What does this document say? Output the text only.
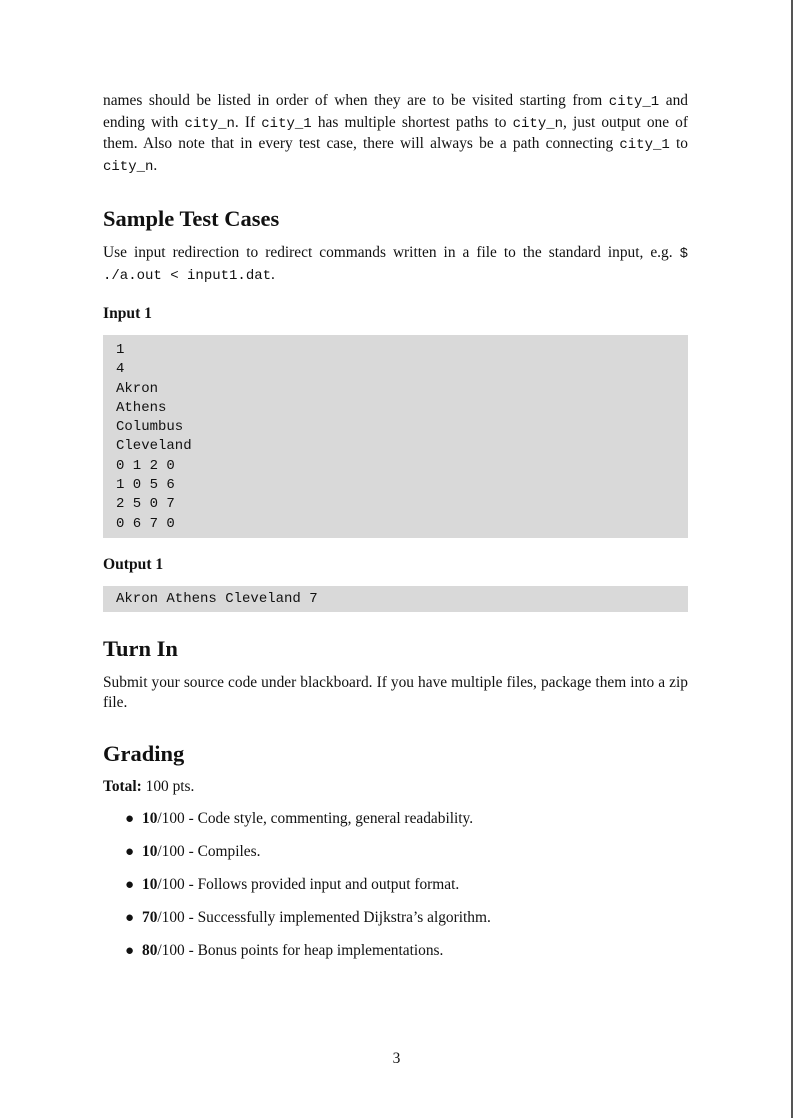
names should be listed in order of when they are to be visited starting from city_1 and ending with city_n. If city_1 has multiple shortest paths to city_n, just output one of them. Also note that in every test case, there will always be a path connecting city_1 to city_n.

Sample Test Cases

Use input redirection to redirect commands written in a file to the standard input, e.g. $ ./a.out < input1.dat.

Input 1
1
4
Akron
Athens
Columbus
Cleveland
0 1 2 0
1 0 5 6
2 5 0 7
0 6 7 0
Output 1
Akron Athens Cleveland 7
Turn In

Submit your source code under blackboard. If you have multiple files, package them into a zip file.

Grading

Total: 100 pts.

● 10/100 - Code style, commenting, general readability.
● 10/100 - Compiles.
● 10/100 - Follows provided input and output format.
● 70/100 - Successfully implemented Dijkstra’s algorithm.
● 80/100 - Bonus points for heap implementations.
3
